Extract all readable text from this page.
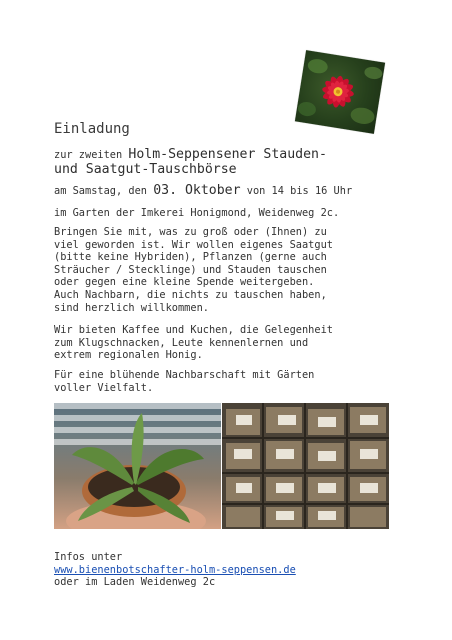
Einladung
zur zweiten Holm-Seppensener Stauden-
und Saatgut-Tauschbörse
am Samstag, den 03. Oktober von 14 bis 16 Uhr
im Garten der Imkerei Honigmond, Weidenweg 2c.
Bringen Sie mit, was zu groß oder (Ihnen) zu
viel geworden ist. Wir wollen eigenes Saatgut
(bitte keine Hybriden), Pflanzen (gerne auch
Sträucher / Stecklinge) und Stauden tauschen
oder gegen eine kleine Spende weitergeben.
Auch Nachbarn, die nichts zu tauschen haben,
sind herzlich willkommen.
Wir bieten Kaffee und Kuchen, die Gelegenheit
zum Klugschnacken, Leute kennenlernen und
extrem regionalen Honig.
Für eine blühende Nachbarschaft mit Gärten
voller Vielfalt.
Infos unter
www.bienenbotschafter-holm-seppensen.de
oder im Laden Weidenweg 2c
